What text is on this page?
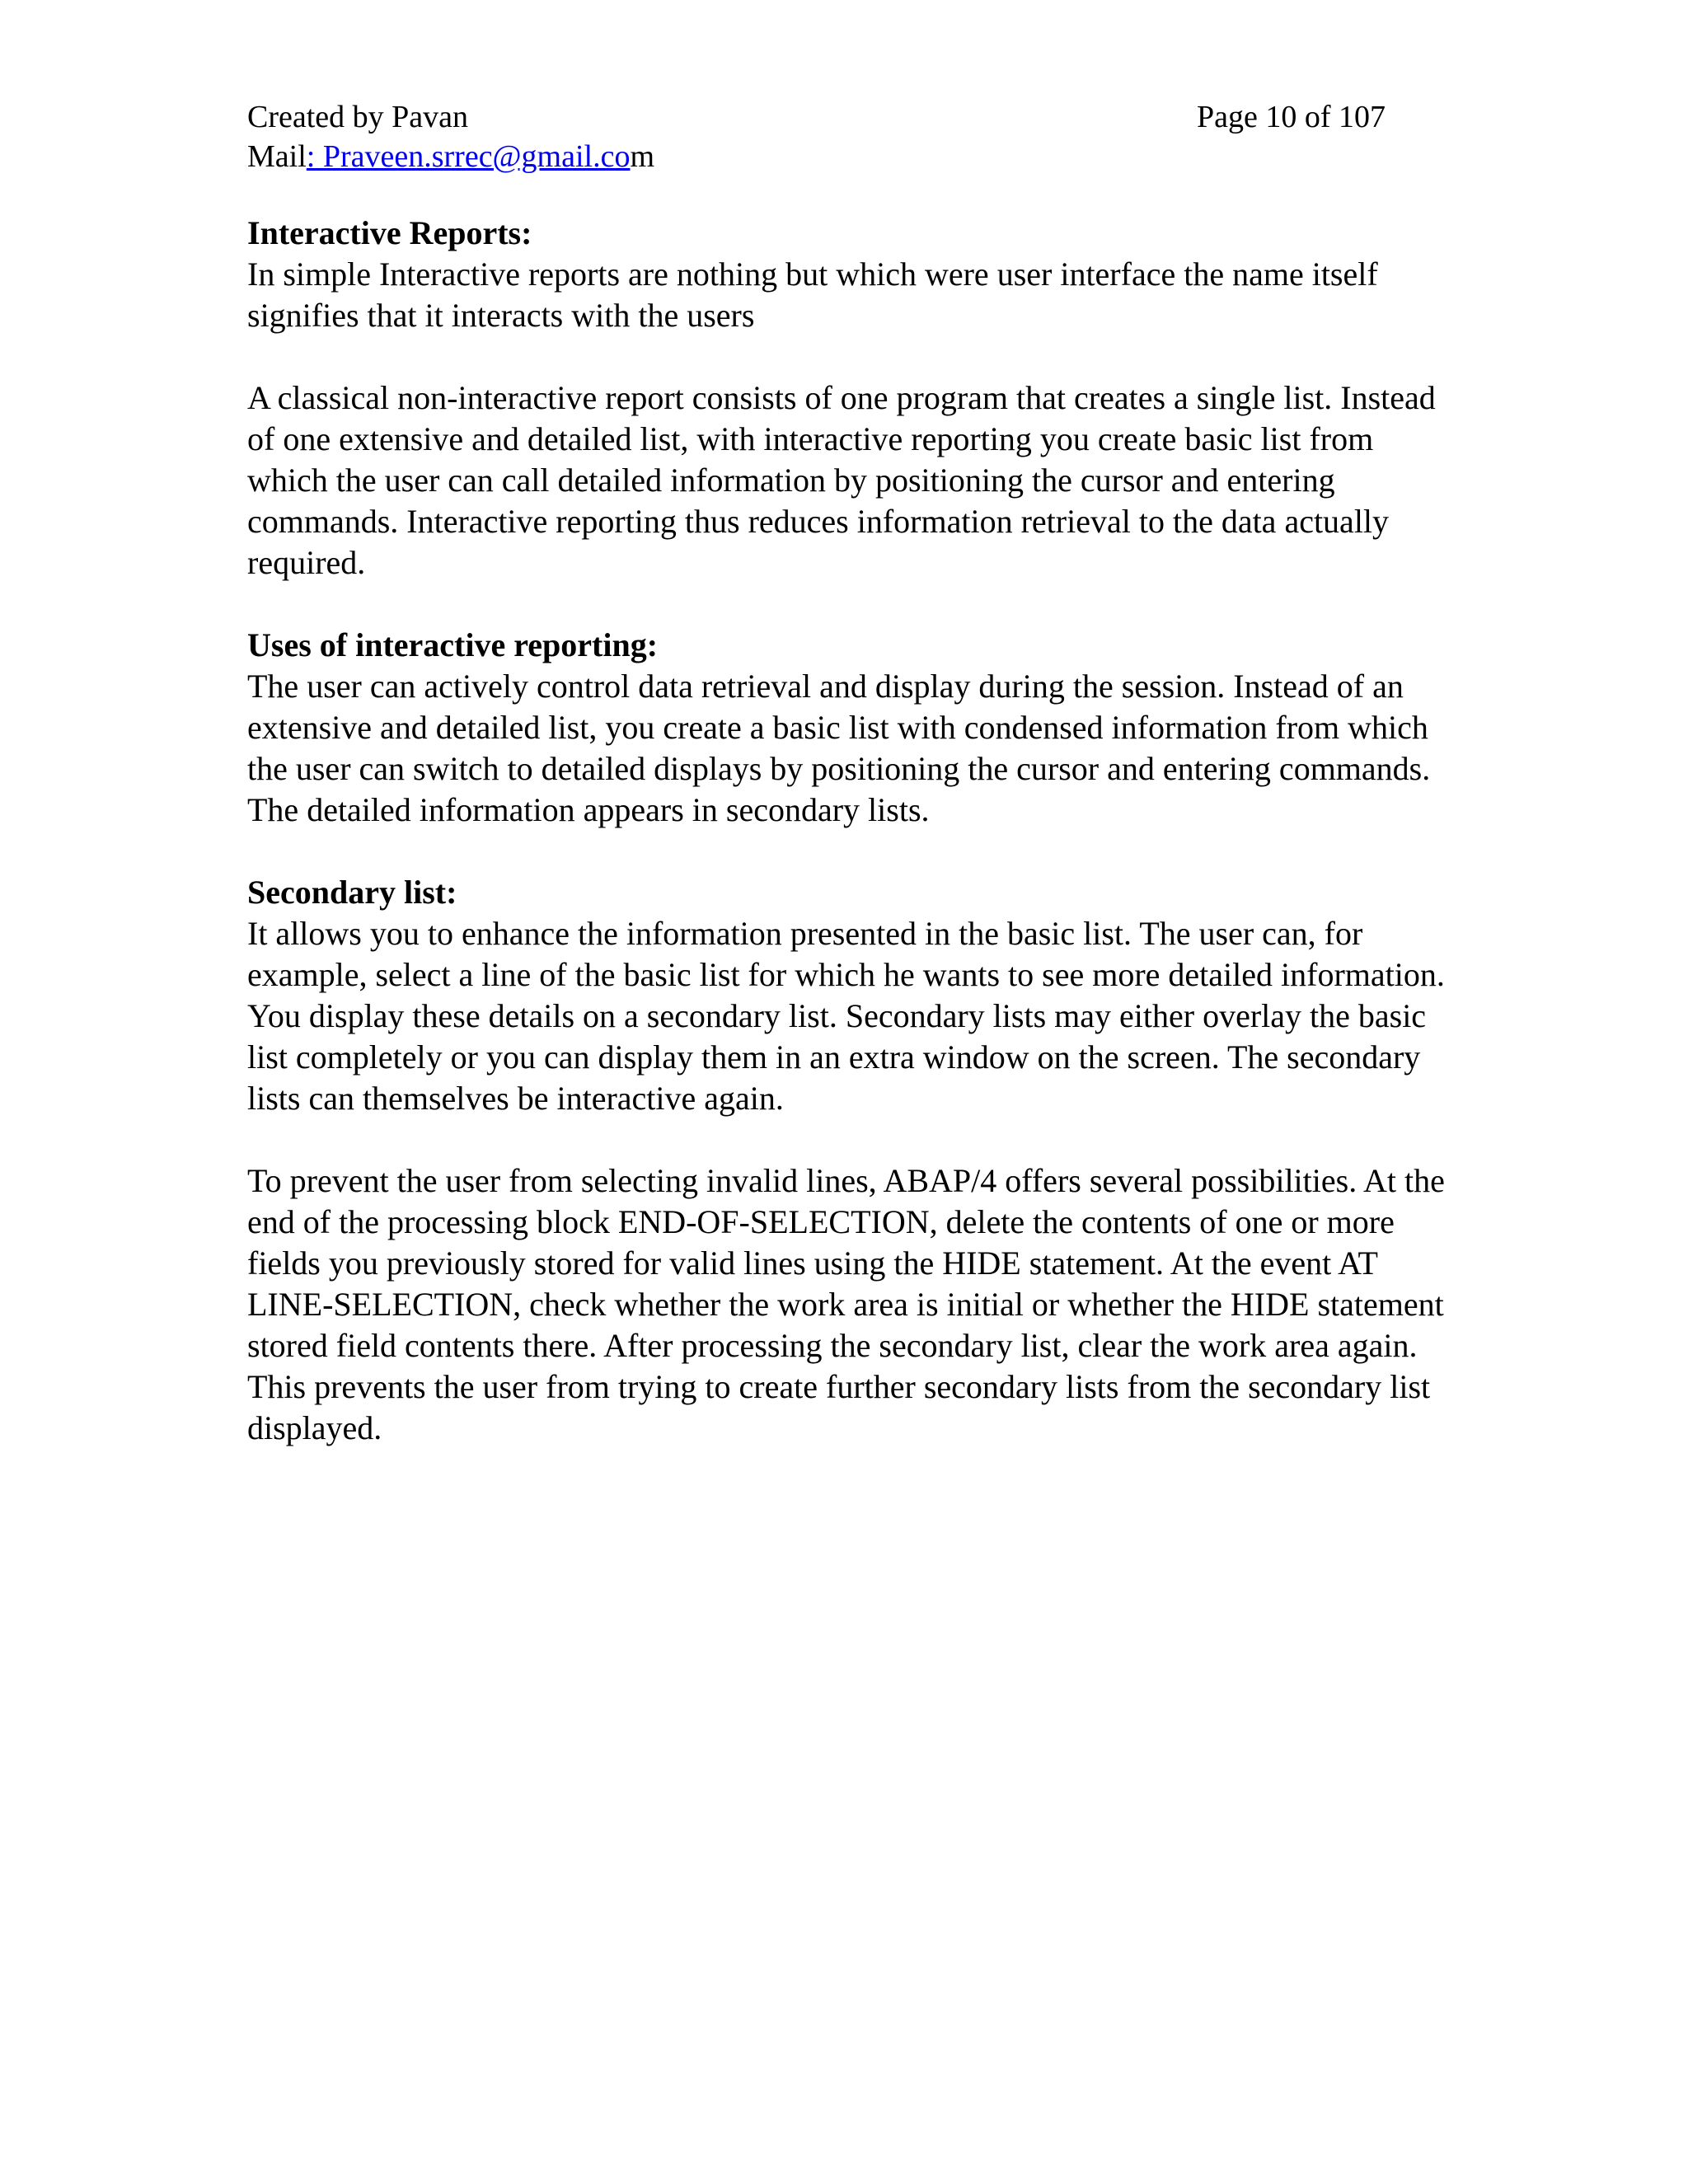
Created by Pavan	Page 10 of 107
Mail: Praveen.srrec@gmail.com
Interactive Reports:
In simple Interactive reports are nothing but which were user interface the name itself signifies that it interacts with the users
A classical non-interactive report consists of one program that creates a single list. Instead of one extensive and detailed list, with interactive reporting you create basic list from which the user can call detailed information by positioning the cursor and entering commands. Interactive reporting thus reduces information retrieval to the data actually required.
Uses of interactive reporting:
The user can actively control data retrieval and display during the session. Instead of an extensive and detailed list, you create a basic list with condensed information from which the user can switch to detailed displays by positioning the cursor and entering commands. The detailed information appears in secondary lists.
Secondary list:
It allows you to enhance the information presented in the basic list. The user can, for example, select a line of the basic list for which he wants to see more detailed information. You display these details on a secondary list. Secondary lists may either overlay the basic list completely or you can display them in an extra window on the screen. The secondary lists can themselves be interactive again.
To prevent the user from selecting invalid lines, ABAP/4 offers several possibilities. At the end of the processing block END-OF-SELECTION, delete the contents of one or more fields you previously stored for valid lines using the HIDE statement. At the event AT LINE-SELECTION, check whether the work area is initial or whether the HIDE statement stored field contents there. After processing the secondary list, clear the work area again. This prevents the user from trying to create further secondary lists from the secondary list displayed.
